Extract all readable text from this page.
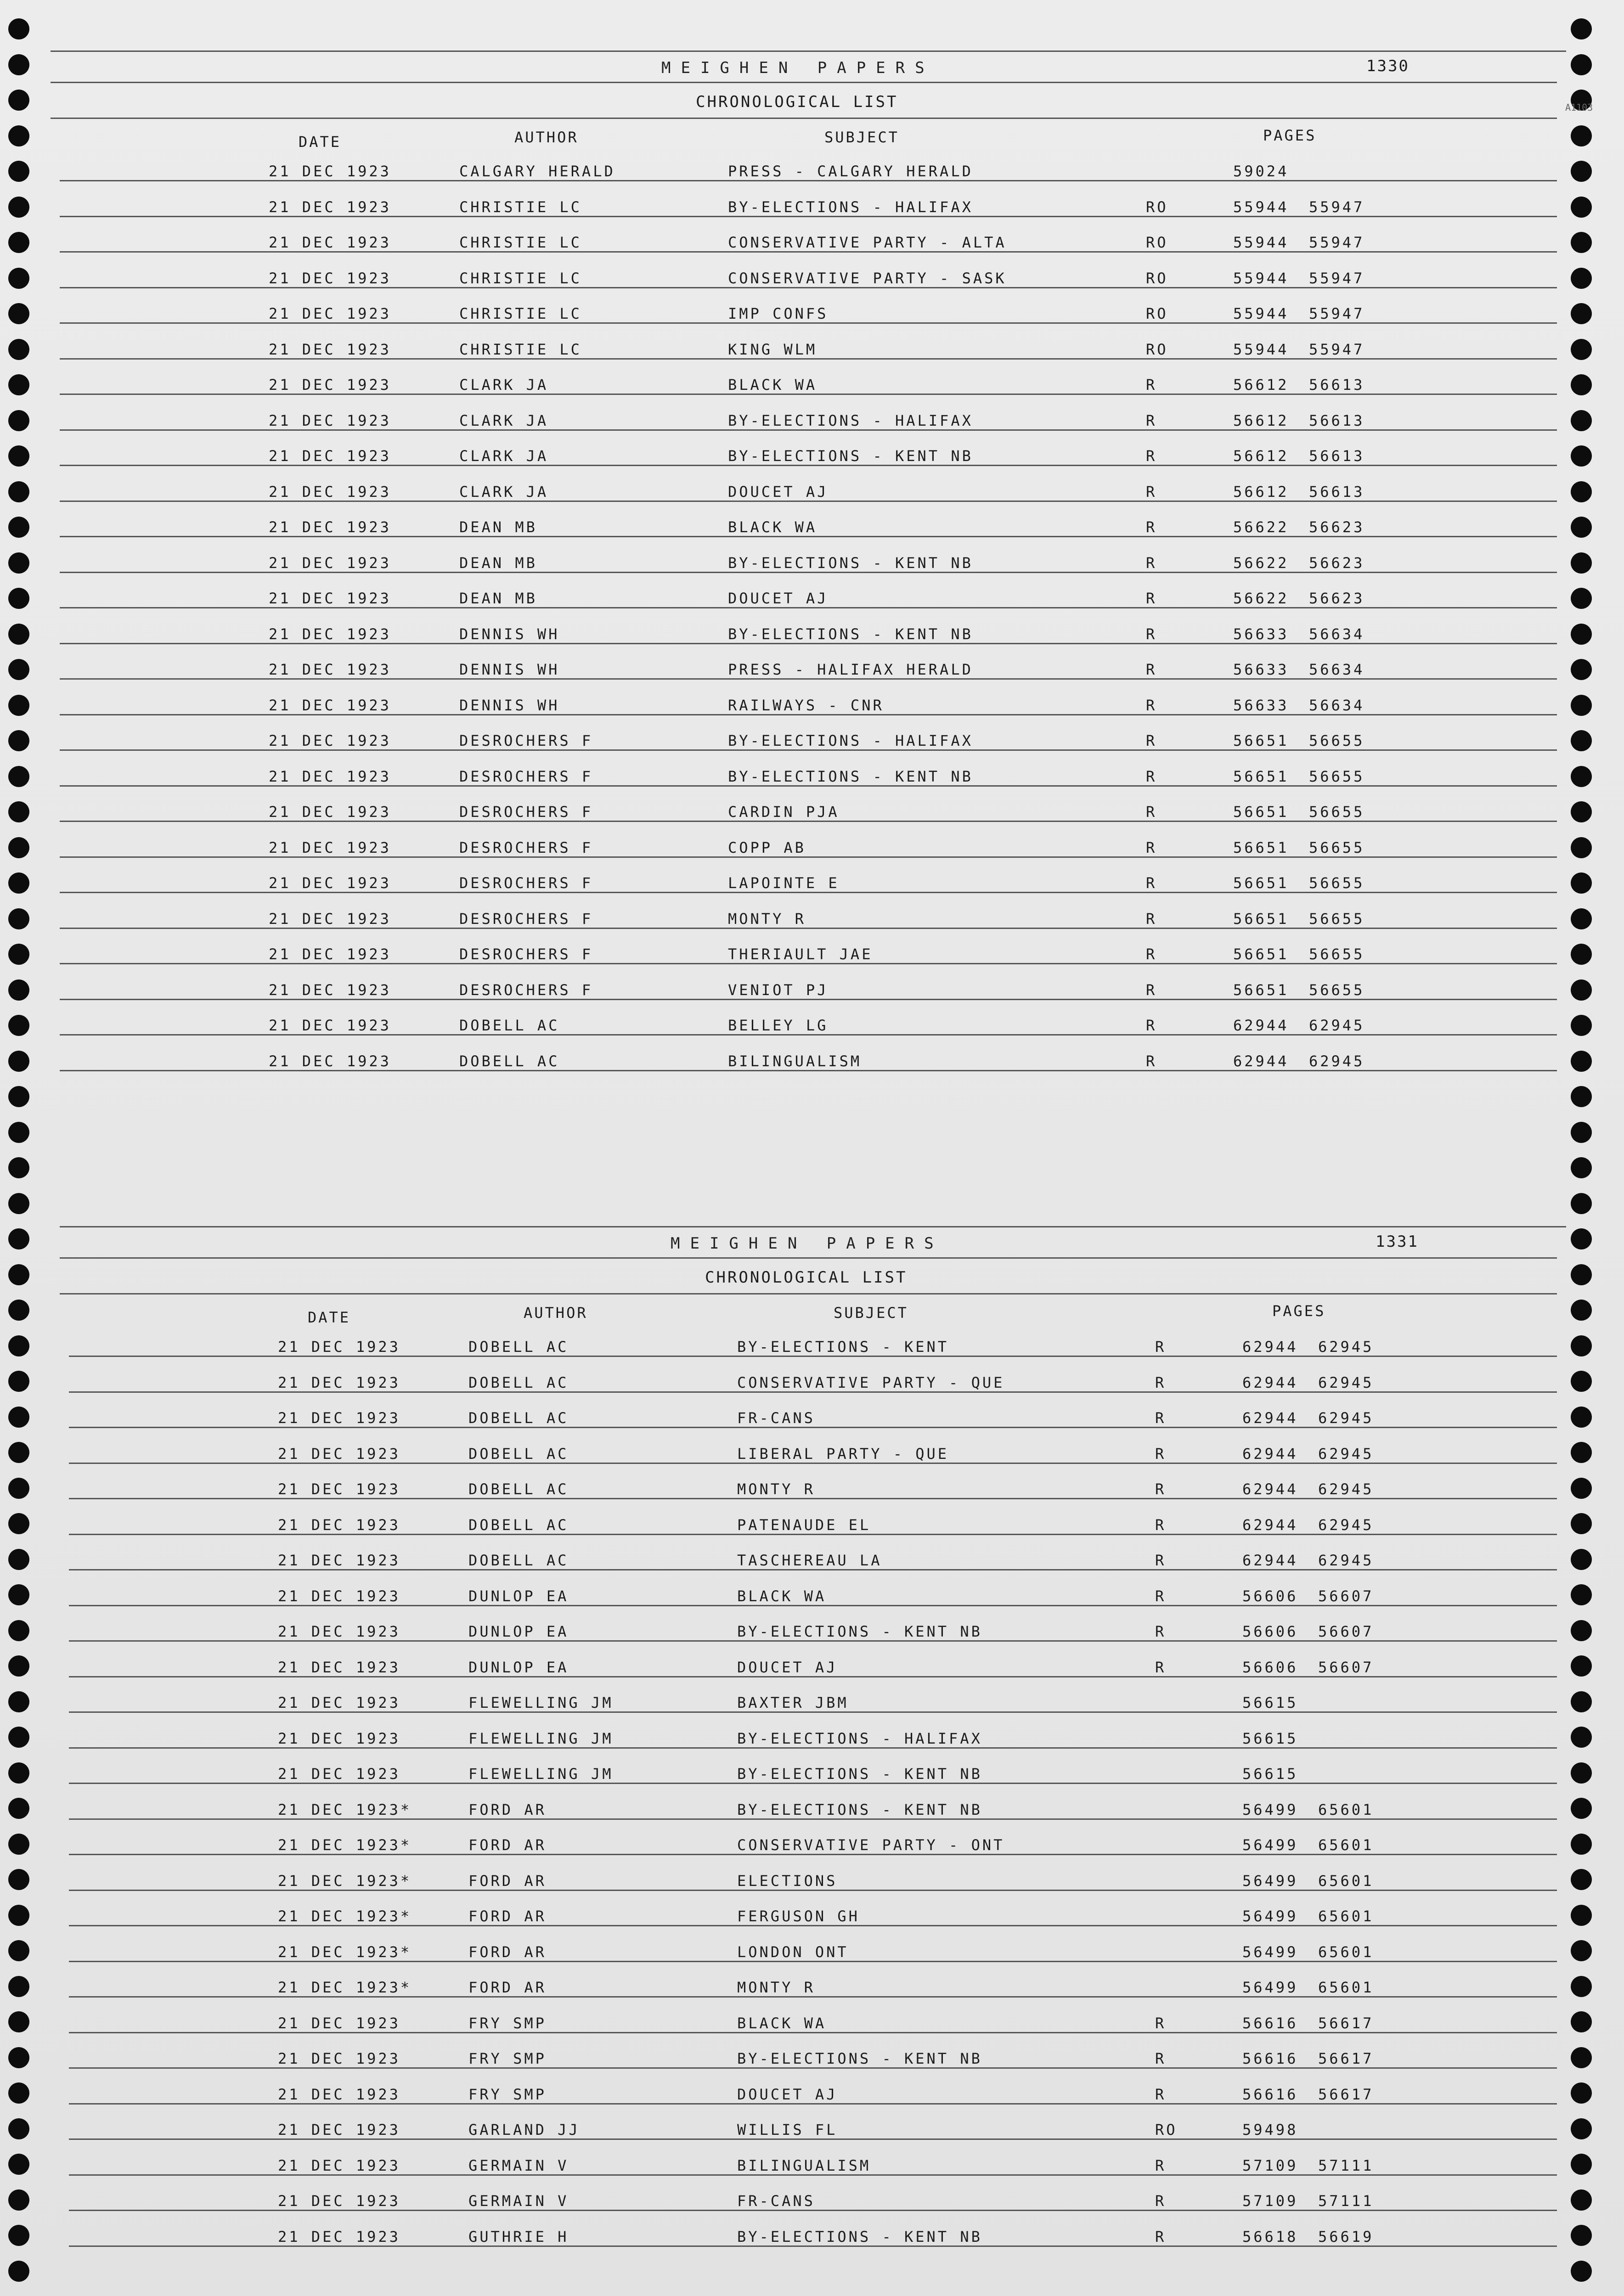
A1103
MEIGHEN PAPERS	1330
CHRONOLOGICAL LIST
DATE	AUTHOR	SUBJECT	PAGES
21 DEC 1923	CALGARY HERALD	PRESS - CALGARY HERALD	59024
21 DEC 1923	CHRISTIE LC	BY-ELECTIONS - HALIFAX	RO	55944 55947
21 DEC 1923	CHRISTIE LC	CONSERVATIVE PARTY - ALTA	RO	55944 55947
21 DEC 1923	CHRISTIE LC	CONSERVATIVE PARTY - SASK	RO	55944 55947
21 DEC 1923	CHRISTIE LC	IMP CONFS	RO	55944 55947
21 DEC 1923	CHRISTIE LC	KING WLM	RO	55944 55947
21 DEC 1923	CLARK JA	BLACK WA	R	56612 56613
21 DEC 1923	CLARK JA	BY-ELECTIONS - HALIFAX	R	56612 56613
21 DEC 1923	CLARK JA	BY-ELECTIONS - KENT NB	R	56612 56613
21 DEC 1923	CLARK JA	DOUCET AJ	R	56612 56613
21 DEC 1923	DEAN MB	BLACK WA	R	56622 56623
21 DEC 1923	DEAN MB	BY-ELECTIONS - KENT NB	R	56622 56623
21 DEC 1923	DEAN MB	DOUCET AJ	R	56622 56623
21 DEC 1923	DENNIS WH	BY-ELECTIONS - KENT NB	R	56633 56634
21 DEC 1923	DENNIS WH	PRESS - HALIFAX HERALD	R	56633 56634
21 DEC 1923	DENNIS WH	RAILWAYS - CNR	R	56633 56634
21 DEC 1923	DESROCHERS F	BY-ELECTIONS - HALIFAX	R	56651 56655
21 DEC 1923	DESROCHERS F	BY-ELECTIONS - KENT NB	R	56651 56655
21 DEC 1923	DESROCHERS F	CARDIN PJA	R	56651 56655
21 DEC 1923	DESROCHERS F	COPP AB	R	56651 56655
21 DEC 1923	DESROCHERS F	LAPOINTE E	R	56651 56655
21 DEC 1923	DESROCHERS F	MONTY R	R	56651 56655
21 DEC 1923	DESROCHERS F	THERIAULT JAE	R	56651 56655
21 DEC 1923	DESROCHERS F	VENIOT PJ	R	56651 56655
21 DEC 1923	DOBELL AC	BELLEY LG	R	62944 62945
21 DEC 1923	DOBELL AC	BILINGUALISM	R	62944 62945
MEIGHEN PAPERS	1331
CHRONOLOGICAL LIST
DATE	AUTHOR	SUBJECT	PAGES
21 DEC 1923	DOBELL AC	BY-ELECTIONS - KENT	R	62944 62945
21 DEC 1923	DOBELL AC	CONSERVATIVE PARTY - QUE	R	62944 62945
21 DEC 1923	DOBELL AC	FR-CANS	R	62944 62945
21 DEC 1923	DOBELL AC	LIBERAL PARTY - QUE	R	62944 62945
21 DEC 1923	DOBELL AC	MONTY R	R	62944 62945
21 DEC 1923	DOBELL AC	PATENAUDE EL	R	62944 62945
21 DEC 1923	DOBELL AC	TASCHEREAU LA	R	62944 62945
21 DEC 1923	DUNLOP EA	BLACK WA	R	56606 56607
21 DEC 1923	DUNLOP EA	BY-ELECTIONS - KENT NB	R	56606 56607
21 DEC 1923	DUNLOP EA	DOUCET AJ	R	56606 56607
21 DEC 1923	FLEWELLING JM	BAXTER JBM	56615
21 DEC 1923	FLEWELLING JM	BY-ELECTIONS - HALIFAX	56615
21 DEC 1923	FLEWELLING JM	BY-ELECTIONS - KENT NB	56615
21 DEC 1923*	FORD AR	BY-ELECTIONS - KENT NB	56499 65601
21 DEC 1923*	FORD AR	CONSERVATIVE PARTY - ONT	56499 65601
21 DEC 1923*	FORD AR	ELECTIONS	56499 65601
21 DEC 1923*	FORD AR	FERGUSON GH	56499 65601
21 DEC 1923*	FORD AR	LONDON ONT	56499 65601
21 DEC 1923*	FORD AR	MONTY R	56499 65601
21 DEC 1923	FRY SMP	BLACK WA	R	56616 56617
21 DEC 1923	FRY SMP	BY-ELECTIONS - KENT NB	R	56616 56617
21 DEC 1923	FRY SMP	DOUCET AJ	R	56616 56617
21 DEC 1923	GARLAND JJ	WILLIS FL	RO	59498
21 DEC 1923	GERMAIN V	BILINGUALISM	R	57109 57111
21 DEC 1923	GERMAIN V	FR-CANS	R	57109 57111
21 DEC 1923	GUTHRIE H	BY-ELECTIONS - KENT NB	R	56618 56619
